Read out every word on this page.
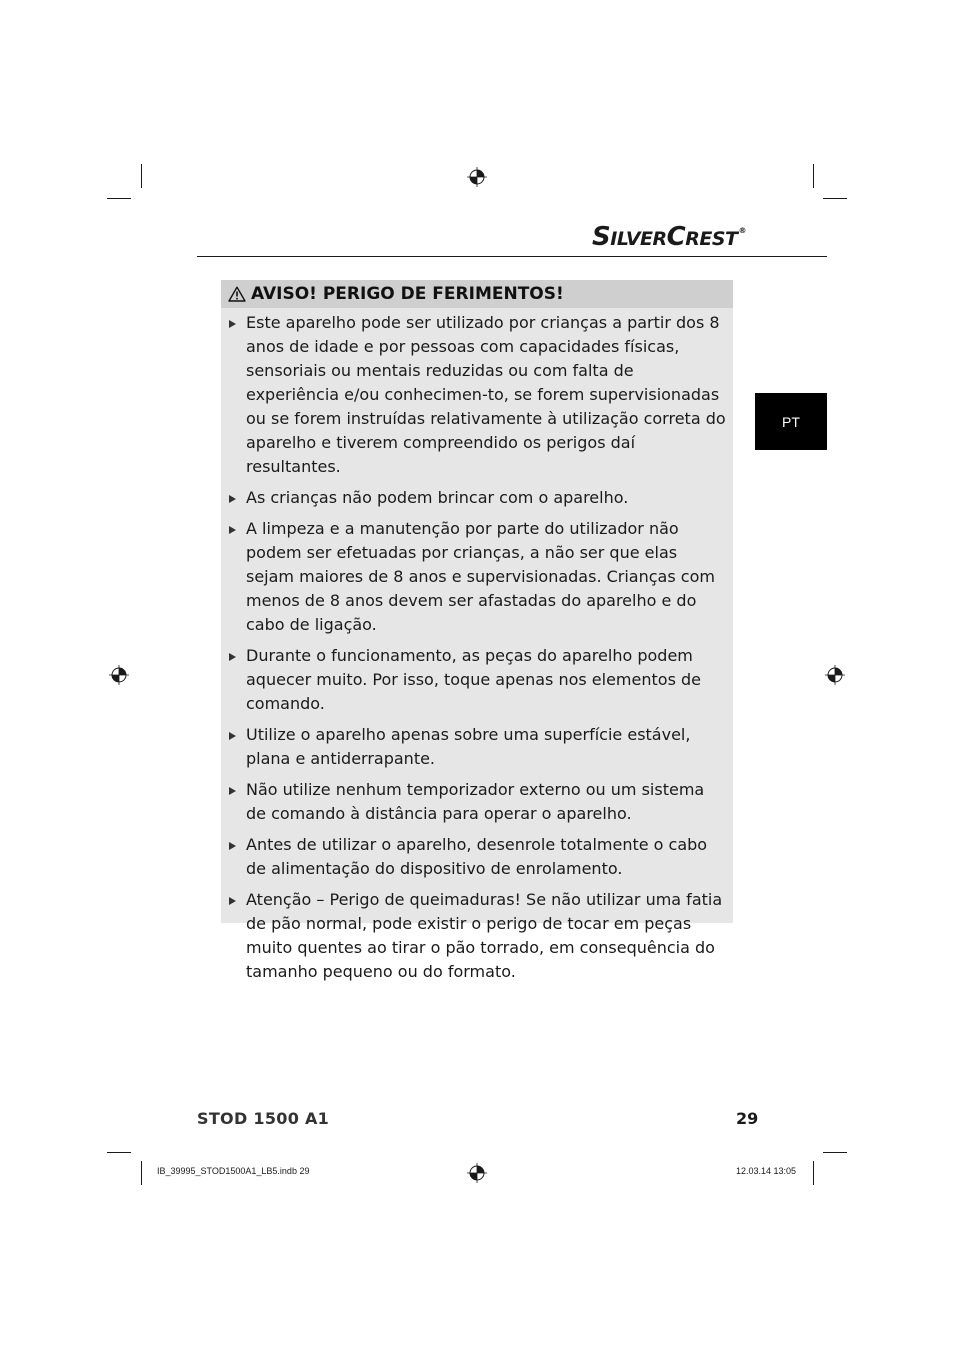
SILVERCREST®
PT
AVISO! PERIGO DE FERIMENTOS!
Este aparelho pode ser utilizado por crianças a partir dos 8 anos de idade e por pessoas com capacidades físicas, sensoriais ou mentais reduzidas ou com falta de experiência e/ou conhecimen-to, se forem supervisionadas ou se forem instruídas relativamente à utilização correta do aparelho e tiverem compreendido os perigos daí resultantes.
As crianças não podem brincar com o aparelho.
A limpeza e a manutenção por parte do utilizador não podem ser efetuadas por crianças, a não ser que elas sejam maiores de 8 anos e supervisionadas. Crianças com menos de 8 anos devem ser afastadas do aparelho e do cabo de ligação.
Durante o funcionamento, as peças do aparelho podem aquecer muito. Por isso, toque apenas nos elementos de comando.
Utilize o aparelho apenas sobre uma superfície estável, plana e antiderrapante.
Não utilize nenhum temporizador externo ou um sistema de comando à distância para operar o aparelho.
Antes de utilizar o aparelho, desenrole totalmente o cabo de alimentação do dispositivo de enrolamento.
Atenção – Perigo de queimaduras! Se não utilizar uma fatia de pão normal, pode existir o perigo de tocar em peças muito quentes ao tirar o pão torrado, em consequência do tamanho pequeno ou do formato.
STOD 1500 A1	29
IB_39995_STOD1500A1_LB5.indb 29	12.03.14 13:05
